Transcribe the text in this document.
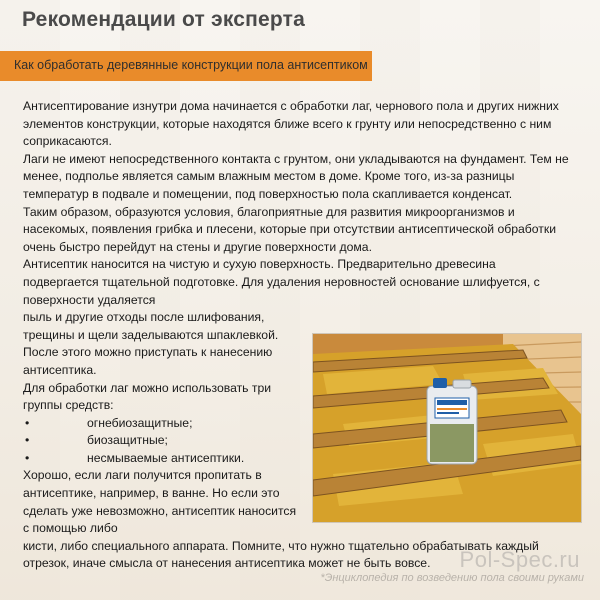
Рекомендации от эксперта
Как обработать деревянные конструкции пола антисептиком

Антисептирование изнутри дома начинается с обработки лаг, чернового пола и других нижних элементов конструкции, которые находятся ближе всего к грунту или непосредственно с ним соприкасаются.

Лаги не имеют непосредственного контакта с грунтом, они укладываются на фундамент. Тем не менее, подполье является самым влажным местом в доме. Кроме того, из-за разницы температур в подвале и помещении, под поверхностью пола скапливается конденсат.

Таким образом, образуются условия, благоприятные для развития микроорганизмов и насекомых, появления грибка и плесени, которые при отсутствии антисептической обработки очень быстро перейдут на стены и другие поверхности дома.

Антисептик наносится на чистую и сухую поверхность. Предварительно древесина подвергается тщательной подготовке. Для удаления неровностей основание шлифуется, с поверхности удаляется

пыль и другие отходы после шлифования, трещины и щели заделываются шпаклевкой. После этого можно приступать к нанесению антисептика.

Для обработки лаг можно использовать три группы средств:

• огнебиозащитные;
• биозащитные;
• несмываемые антисептики.

Хорошо, если лаги получится пропитать в антисептике, например, в ванне. Но если это сделать уже невозможно, антисептик наносится с помощью либо

кисти, либо специального аппарата. Помните, что нужно тщательно обрабатывать каждый отрезок, иначе смысла от нанесения антисептика может не быть вовсе.	Pol-Spec.ru
*Энциклопедия по возведению пола своими руками
